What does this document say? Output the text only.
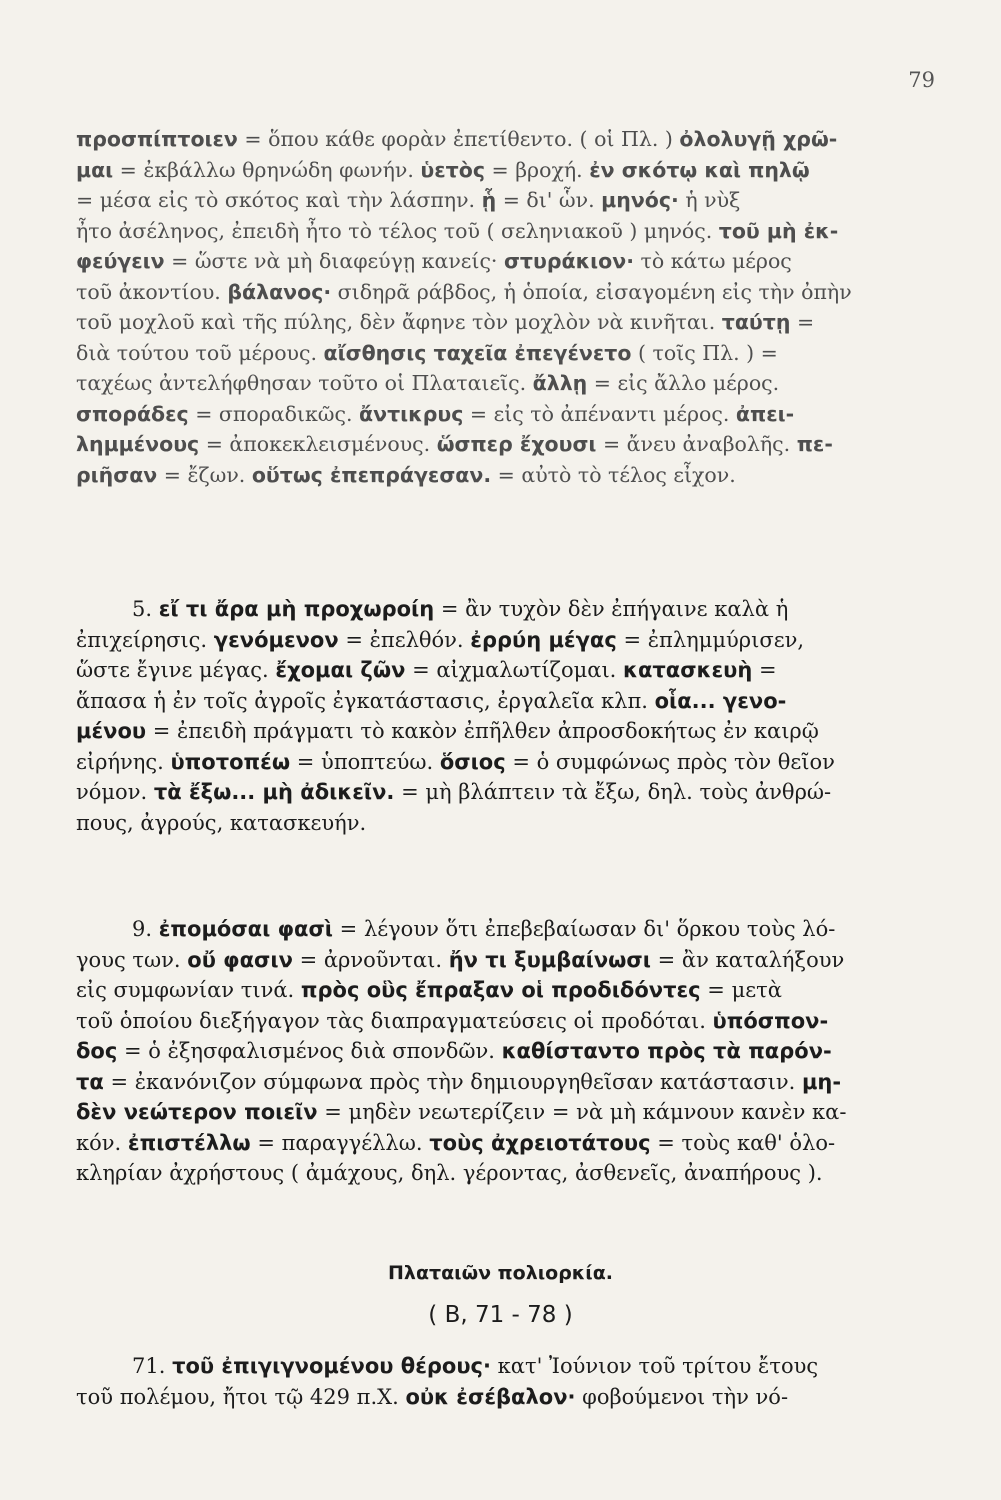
79
προσπίπτοιεν = ὅπου κάθε φορὰν ἐπετίθεντο. ( οἱ Πλ. ) ὀλολυγῇ χρῶ-
μαι = ἐκβάλλω θρηνώδη φωνήν. ὑετὸς = βροχή. ἐν σκότῳ καὶ πηλῷ
= μέσα εἰς τὸ σκότος καὶ τὴν λάσπην. ᾗ = δι' ὧν. μηνός· ἡ νὺξ
ἦτο ἀσέληνος, ἐπειδὴ ἦτο τὸ τέλος τοῦ ( σεληνιακοῦ ) μηνός. τοῦ μὴ ἐκ-
φεύγειν = ὥστε νὰ μὴ διαφεύγῃ κανείς· στυράκιον· τὸ κάτω μέρος
τοῦ ἀκοντίου. βάλανος· σιδηρᾶ ράβδος, ἡ ὁποία, εἰσαγομένη εἰς τὴν ὀπὴν
τοῦ μοχλοῦ καὶ τῆς πύλης, δὲν ἄφηνε τὸν μοχλὸν νὰ κινῆται. ταύτῃ =
διὰ τούτου τοῦ μέρους. αἴσθησις ταχεῖα ἐπεγένετο ( τοῖς Πλ. ) =
ταχέως ἀντελήφθησαν τοῦτο οἱ Πλαταιεῖς. ἄλλῃ = εἰς ἄλλο μέρος.
σποράδες = σποραδικῶς. ἄντικρυς = εἰς τὸ ἀπέναντι μέρος. ἀπει-
λημμένους = ἀποκεκλεισμένους. ὥσπερ ἔχουσι = ἄνευ ἀναβολῆς. πε-
ριῆσαν = ἔζων. οὕτως ἐπεπράγεσαν. = αὐτὸ τὸ τέλος εἶχον.
5. εἴ τι ἄρα μὴ προχωροίη = ἂν τυχὸν δὲν ἐπήγαινε καλὰ ἡ
ἐπιχείρησις. γενόμενον = ἐπελθόν. ἐρρύη μέγας = ἐπλημμύρισεν,
ὥστε ἔγινε μέγας. ἔχομαι ζῶν = αἰχμαλωτίζομαι. κατασκευὴ =
ἅπασα ἡ ἐν τοῖς ἀγροῖς ἐγκατάστασις, ἐργαλεῖα κλπ. οἷα... γενο-
μένου = ἐπειδὴ πράγματι τὸ κακὸν ἐπῆλθεν ἀπροσδοκήτως ἐν καιρῷ
εἰρήνης. ὑποτοπέω = ὑποπτεύω. ὅσιος = ὁ συμφώνως πρὸς τὸν θεῖον
νόμον. τὰ ἔξω... μὴ ἀδικεῖν. = μὴ βλάπτειν τὰ ἔξω, δηλ. τοὺς ἀνθρώ-
πους, ἀγρούς, κατασκευήν.
9. ἐπομόσαι φασὶ = λέγουν ὅτι ἐπεβεβαίωσαν δι' ὅρκου τοὺς λό-
γους των. οὔ φασιν = ἀρνοῦνται. ἤν τι ξυμβαίνωσι = ἂν καταλήξουν
εἰς συμφωνίαν τινά. πρὸς οὓς ἔπραξαν οἱ προδιδόντες = μετὰ
τοῦ ὁποίου διεξήγαγον τὰς διαπραγματεύσεις οἱ προδόται. ὑπόσπον-
δος = ὁ ἐξησφαλισμένος διὰ σπονδῶν. καθίσταντο πρὸς τὰ παρόν-
τα = ἐκανόνιζον σύμφωνα πρὸς τὴν δημιουργηθεῖσαν κατάστασιν. μη-
δὲν νεώτερον ποιεῖν = μηδὲν νεωτερίζειν = νὰ μὴ κάμνουν κανὲν κα-
κόν. ἐπιστέλλω = παραγγέλλω. τοὺς ἀχρειοτάτους = τοὺς καθ' ὁλο-
κληρίαν ἀχρήστους ( ἀμάχους, δηλ. γέροντας, ἀσθενεῖς, ἀναπήρους ).
Πλαταιῶν πολιορκία.
( B, 71 - 78 )
71. τοῦ ἐπιγιγνομένου θέρους· κατ' Ἰούνιον τοῦ τρίτου ἔτους
τοῦ πολέμου, ἤτοι τῷ 429 π.Χ. οὐκ ἐσέβαλον· φοβούμενοι τὴν νό-
